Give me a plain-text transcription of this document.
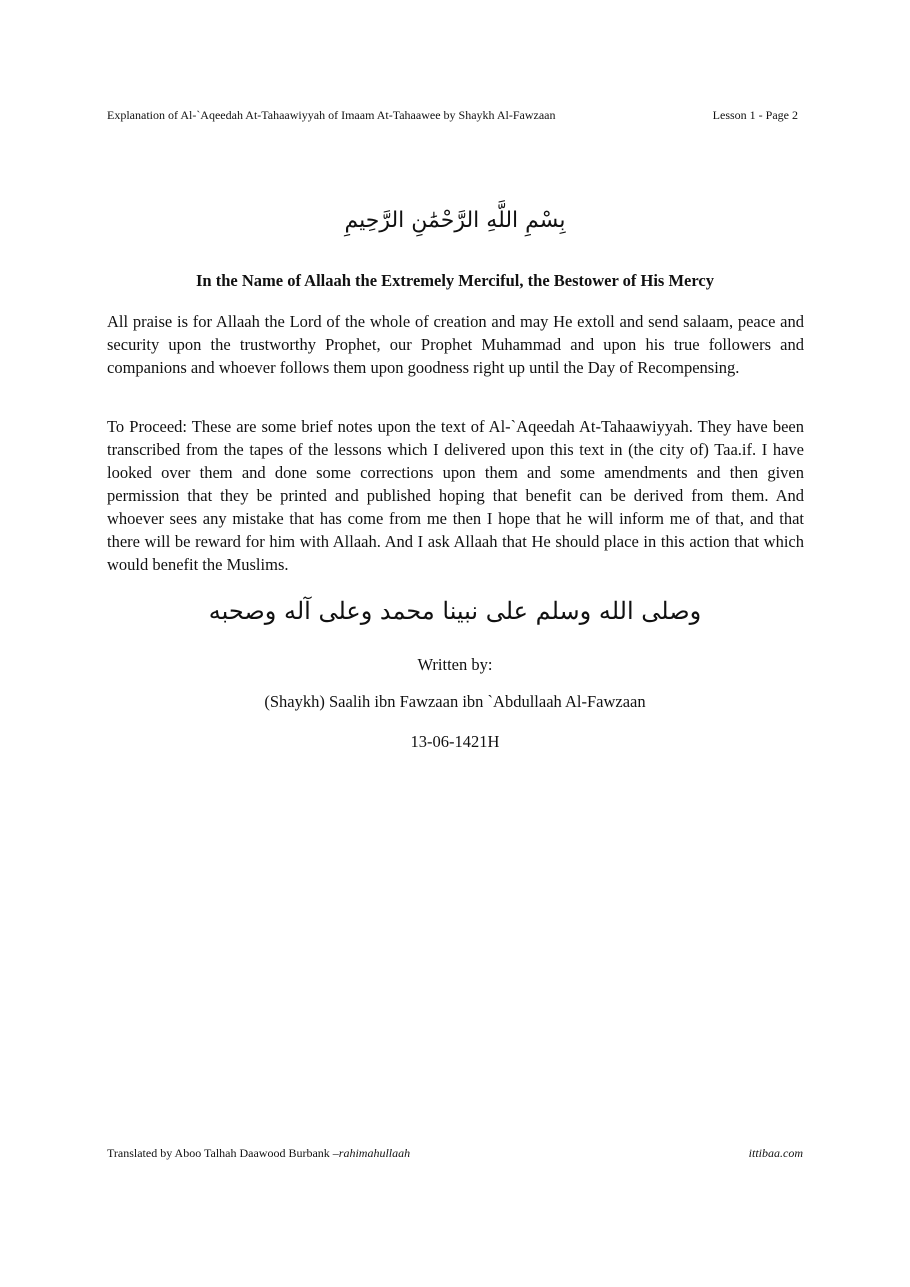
Explanation of Al-`Aqeedah At-Tahaawiyyah of Imaam At-Tahaawee by Shaykh Al-Fawzaan	Lesson 1 - Page 2
بِسْمِ اللَّهِ الرَّحْمَٰنِ الرَّحِيمِ
In the Name of Allaah the Extremely Merciful, the Bestower of His Mercy

All praise is for Allaah the Lord of the whole of creation and may He extoll and send salaam, peace and security upon the trustworthy Prophet, our Prophet Muhammad and upon his true followers and companions and whoever follows them upon goodness right up until the Day of Recompensing.

To Proceed: These are some brief notes upon the text of Al-`Aqeedah At-Tahaawiyyah. They have been transcribed from the tapes of the lessons which I delivered upon this text in (the city of) Taa.if. I have looked over them and done some corrections upon them and some amendments and then given permission that they be printed and published hoping that benefit can be derived from them. And whoever sees any mistake that has come from me then I hope that he will inform me of that, and that there will be reward for him with Allaah. And I ask Allaah that He should place in this action that which would benefit the Muslims.

وصلى الله وسلم على نبينا محمد وعلى آله وصحبه
Written by:
(Shaykh) Saalih ibn Fawzaan ibn `Abdullaah Al-Fawzaan
13-06-1421H
Translated by Aboo Talhah Daawood Burbank –rahimahullaah	ittibaa.com
